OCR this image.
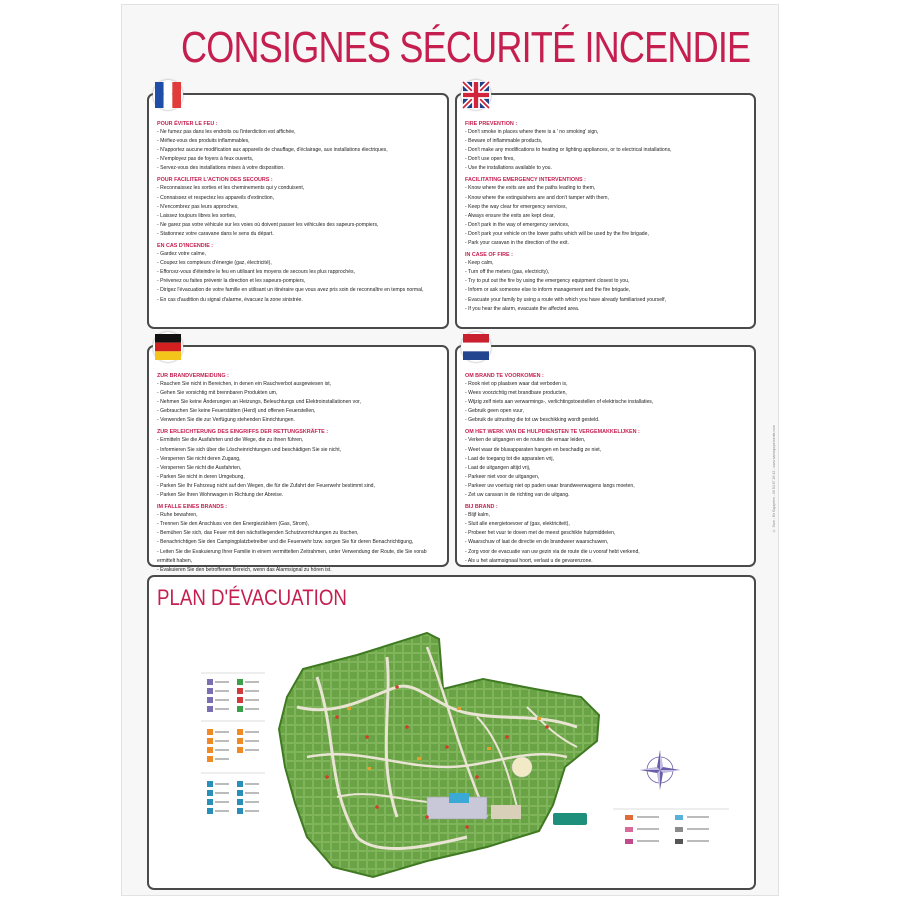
CONSIGNES SÉCURITÉ INCENDIE
POUR ÉVITER LE FEU :
- Ne fumez pas dans les endroits ou l'interdiction est affichée,
- Méfiez-vous des produits inflammables,
- N'apportez aucune modification aux appareils de chauffage, d'éclairage, aux installations électriques,
- N'employez pas de foyers à feux ouverts,
- Servez-vous des installations mises à votre disposition.
POUR FACILITER L'ACTION DES SECOURS :
- Reconnaissez les sorties et les cheminements qui y conduisent,
- Connaissez et respectez les appareils d'extinction,
- N'encombrez pas leurs approches,
- Laissez toujours libres les sorties,
- Ne garez pas votre véhicule sur les voies où doivent passer les véhicules des sapeurs-pompiers,
- Stationnez votre caravane dans le sens du départ.
EN CAS D'INCENDIE :
- Gardez votre calme,
- Coupez les compteurs d'énergie (gaz, électricité),
- Efforcez-vous d'éteindre le feu en utilisant les moyens de secours les plus rapprochés,
- Prévenez ou faites prévenir la direction et les sapeurs-pompiers,
- Dirigez l'évacuation de votre famille en utilisant un itinéraire que vous avez pris soin de reconnaître en temps normal,
- En cas d'audition du signal d'alarme, évacuez la zone sinistrée.
FIRE PREVENTION :
- Don't smoke in places where there is a ' no smoking' sign,
- Beware of inflammable products,
- Don't make any modifications to heating or lighting appliances, or to electrical installations,
- Don't use open fires,
- Use the installations available to you.
FACILITATING EMERGENCY INTERVENTIONS :
- Know where the exits are and the paths leading to them,
- Know where the extinguishers are and don't tamper with them,
- Keep the way clear for emergency services,
- Always ensure the exits are kept clear,
- Don't park in the way of emergency services,
- Don't park your vehicle on the lower paths which will be used by the fire brigade,
- Park your caravan in the direction of the exit.
IN CASE OF FIRE :
- Keep calm,
- Turn off the meters (gas, electricity),
- Try to put out the fire by using the emergency equipment closest to you,
- Inform or ask someone else to inform management and the fire brigade,
- Evacuate your family by using a route with which you have already familiarised yourself,
- If you hear the alarm, evacuate the affected area.
ZUR BRANDVERMEIDUNG :
- Rauchen Sie nicht in Bereichen, in denen ein Rauchverbot ausgewiesen ist,
- Gehen Sie vorsichtig mit brennbaren Produkten um,
- Nehmen Sie keine Änderungen an Heizungs, Beleuchtungs und Elektroinstallationen vor,
- Gebrauchen Sie keine Feuerstätten (Herd) und offenen Feuerstellen,
- Verwenden Sie die zur Verfügung stehenden Einrichtungen.
ZUR ERLEICHTERUNG DES EINGRIFFS DER RETTUNGSKRÄFTE :
- Ermitteln Sie die Ausfahrten und die Wege, die zu ihnen führen,
- Informieren Sie sich über die Löscheinrichtungen und beschädigen Sie sie nicht,
- Versperren Sie nicht deren Zugang,
- Versperren Sie nicht die Ausfahrten,
- Parken Sie nicht in deren Umgebung,
- Parken Sie Ihr Fahrzeug nicht auf den Wegen, die für die Zufahrt der Feuerwehr bestimmt sind,
- Parken Sie Ihren Wohnwagen in Richtung der Abreise.
IM FALLE EINES BRANDS :
- Ruhe bewahren,
- Trennen Sie den Anschluss von den Energiezählern (Gas, Strom),
- Bemühen Sie sich, das Feuer mit den nächstliegenden Schutzvorrichtungen zu löschen,
- Benachrichtigen Sie den Campingplatzbetreiber und die Feuerwehr bzw. sorgen Sie für deren Benachrichtigung,
- Leiten Sie die Evakuierung Ihrer Familie in einem vermittelten Zeitrahmen, unter Verwendung der Route, die Sie vorab ermittelt haben,
- Evakuieren Sie den betroffenen Bereich, wenn das Alarmsignal zu hören ist.
OM BRAND TE VOORKOMEN :
- Rook niet op plaatsen waar dat verboden is,
- Wees voorzichtig met brandbare producten,
- Wijzig zelf niets aan verwarmings-, verlichtingstoestellen of elektrische installaties,
- Gebruik geen open vuur,
- Gebruik de uitrusting die tot uw beschikking wordt gesteld.
OM HET WERK VAN DE HULPDIENSTEN TE VERGEMAKKELIJKEN :
- Verken de uitgangen en de routes die ernaar leiden,
- Weet waar de blusapparaten hangen en beschadig ze niet,
- Laat de toegang tot die apparaten vrij,
- Laat de uitgangen altijd vrij,
- Parkeer niet voor de uitgangen,
- Parkeer uw voertuig niet op paden waar brandweerwagens langs moeten,
- Zet uw caravan in de richting van de uitgang.
BIJ BRAND :
- Blijf kalm,
- Sluit alle energietoevoer af (gas, elektriciteit),
- Probeer het vuur te doven met de meest geschikte hulpmiddelen,
- Waarschuw of laat de directie en de brandweer waarschuwen,
- Zorg voor de evacuatie van uw gezin via de route die u vooraf hebt verkend,
- Als u het alarmsignaal hoort, verlaat u de gevarenzone.
PLAN D'ÉVACUATION
© Sam - En Equipées - 06 54 87 26 42 - www.samequipements.com
